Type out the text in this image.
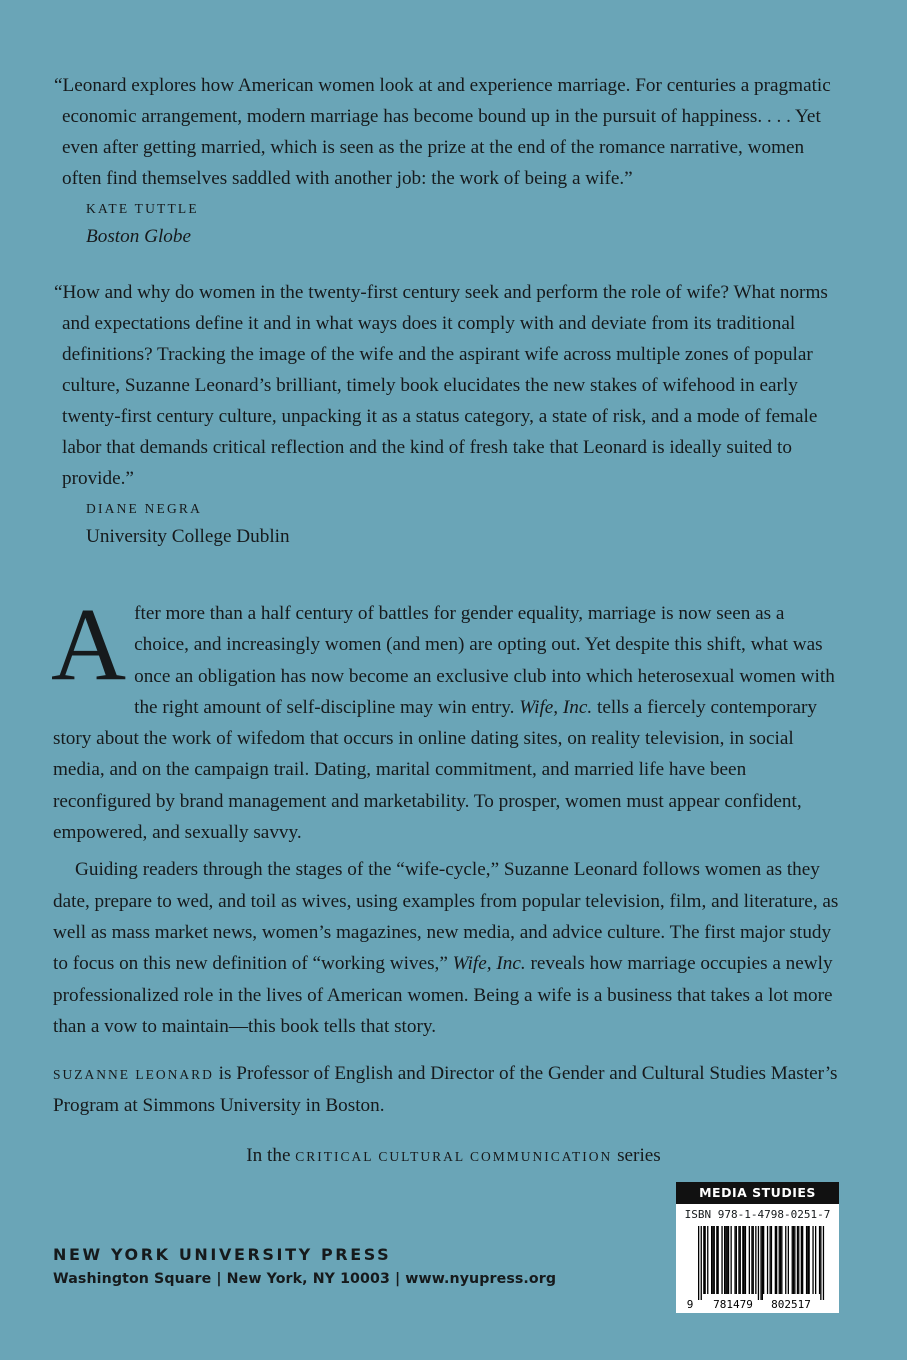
“Leonard explores how American women look at and experience marriage. For centuries a pragmatic economic arrangement, modern marriage has become bound up in the pursuit of happiness. . . . Yet even after getting married, which is seen as the prize at the end of the romance narrative, women often find themselves saddled with another job: the work of being a wife.”

KATE TUTTLE
Boston Globe

“How and why do women in the twenty-first century seek and perform the role of wife? What norms and expectations define it and in what ways does it comply with and deviate from its traditional definitions? Tracking the image of the wife and the aspirant wife across multiple zones of popular culture, Suzanne Leonard’s brilliant, timely book elucidates the new stakes of wifehood in early twenty-first century culture, unpacking it as a status category, a state of risk, and a mode of female labor that demands critical reflection and the kind of fresh take that Leonard is ideally suited to provide.”

DIANE NEGRA
University College Dublin

After more than a half century of battles for gender equality, marriage is now seen as a choice, and increasingly women (and men) are opting out. Yet despite this shift, what was once an obligation has now become an exclusive club into which heterosexual women with the right amount of self-discipline may win entry. Wife, Inc. tells a fiercely contemporary story about the work of wifedom that occurs in online dating sites, on reality television, in social media, and on the campaign trail. Dating, marital commitment, and married life have been reconfigured by brand management and marketability. To prosper, women must appear confident, empowered, and sexually savvy.

Guiding readers through the stages of the “wife-cycle,” Suzanne Leonard follows women as they date, prepare to wed, and toil as wives, using examples from popular television, film, and literature, as well as mass market news, women’s magazines, new media, and advice culture. The first major study to focus on this new definition of “working wives,” Wife, Inc. reveals how marriage occupies a newly professionalized role in the lives of American women. Being a wife is a business that takes a lot more than a vow to maintain—this book tells that story.

SUZANNE LEONARD is Professor of English and Director of the Gender and Cultural Studies Master’s Program at Simmons University in Boston.
In the CRITICAL CULTURAL COMMUNICATION series
NEW YORK UNIVERSITY PRESS
Washington Square | New York, NY 10003 | www.nyupress.org
MEDIA STUDIES
ISBN 978-1-4798-0251-7
9 781479 802517
